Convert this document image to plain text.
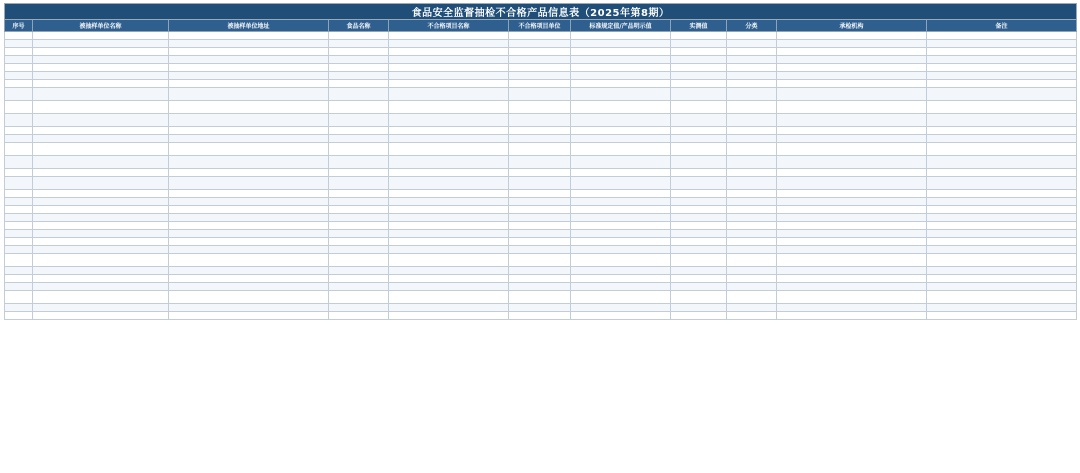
食品安全监督抽检不合格产品信息表（2025年第8期）										
序号	被抽样单位名称	被抽样单位地址	食品名称	不合格项目名称	不合格项目单位	标准规定值/产品明示值	实测值	分类	承检机构	备注
